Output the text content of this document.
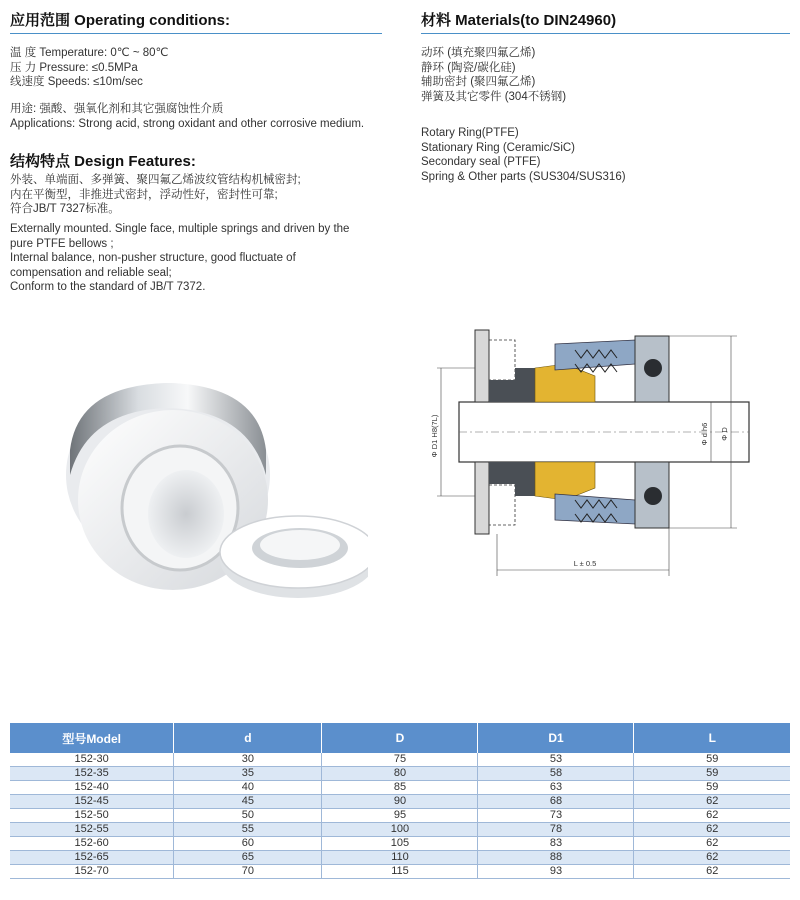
应用范围 Operating conditions:
温 度 Temperature: 0℃ ~ 80℃
压 力 Pressure: ≤0.5MPa
线速度 Speeds: ≤10m/sec
用途: 强酸、强氧化剂和其它强腐蚀性介质
Applications: Strong acid, strong oxidant and other corrosive medium.
结构特点 Design Features:
外装、单端面、多弹簧、聚四氟乙烯波纹管结构机械密封;
内在平衡型，非推进式密封，浮动性好，密封性可靠;
符合JB/T 7327标准。
Externally mounted. Single face, multiple springs and driven by the
pure PTFE bellows ;
Internal balance, non-pusher structure, good fluctuate of
compensation and reliable seal;
Conform to the standard of JB/T 7372.
材料 Materials(to DIN24960)
动环 (填充聚四氟乙烯)
静环 (陶瓷/碳化硅)
辅助密封 (聚四氟乙烯)
弹簧及其它零件 (304不锈钢)
Rotary Ring(PTFE)
Stationary Ring (Ceramic/SiC)
Secondary seal (PTFE)
Spring & Other parts (SUS304/SUS316)
Φ D1 H8(7L)	Φ d h6 Φ D
L ± 0.5
型号Model	d	D	D1	L
152-30	30	75	53	59
152-35	35	80	58	59
152-40	40	85	63	59
152-45	45	90	68	62
152-50	50	95	73	62
152-55	55	100	78	62
152-60	60	105	83	62
152-65	65	110	88	62
152-70	70	115	93	62
